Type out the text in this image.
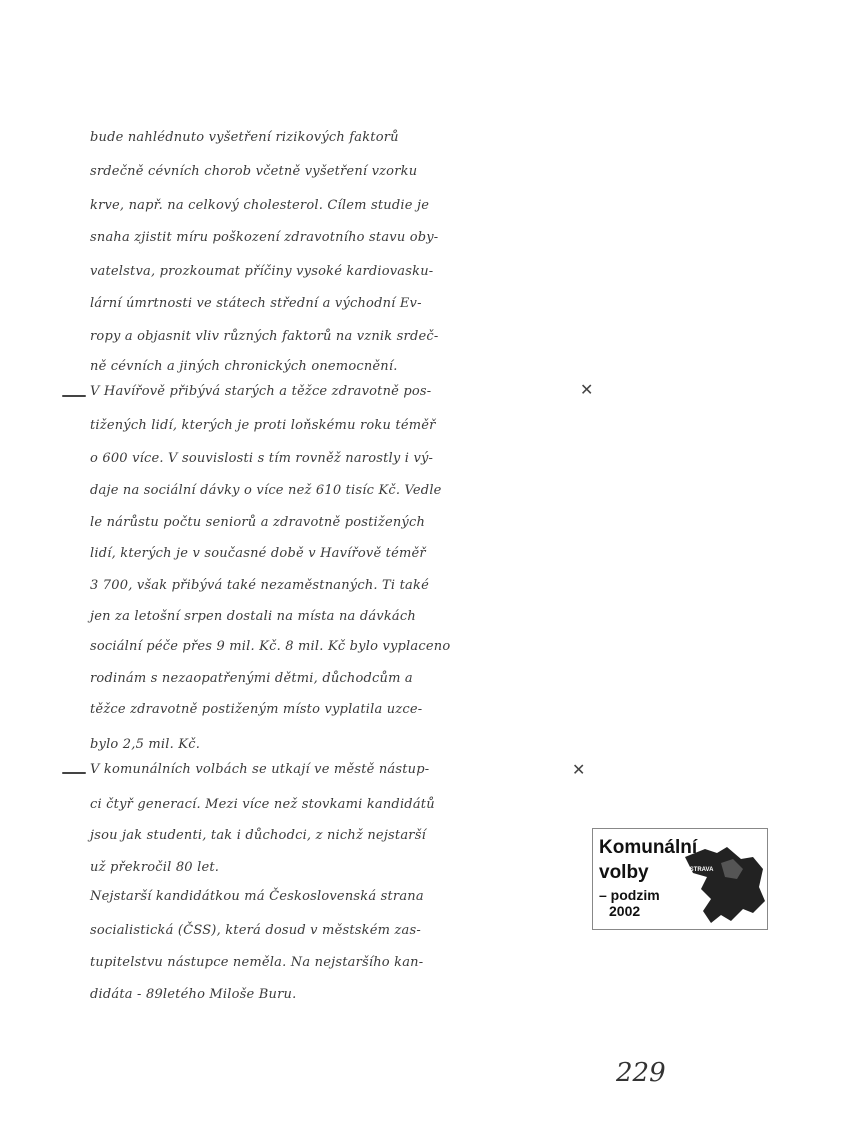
bude nahlédnuto vyšetření rizikových faktorů
srdečně cévních chorob včetně vyšetření vzorku
krve, např. na celkový cholesterol. Cílem studie je
snaha zjistit míru poškození zdravotního stavu oby-
vatelstva, prozkoumat příčiny vysoké kardiovasku-
lární úmrtnosti ve státech střední a východní Ev-
ropy a objasnit vliv různých faktorů na vznik srdeč-
ně cévních a jiných chronických onemocnění.
V Havířově přibývá starých a těžce zdravotně pos-	✕
tižených lidí, kterých je proti loňskému roku téměř
o 600 více. V souvislosti s tím rovněž narostly i vý-
daje na sociální dávky o více než 610 tisíc Kč. Vedle
le nárůstu počtu seniorů a zdravotně postižených
lidí, kterých je v současné době v Havířově téměř
3 700, však přibývá také nezaměstnaných. Ti také
jen za letošní srpen dostali na místa na dávkách
sociální péče přes 9 mil. Kč. 8 mil. Kč bylo vyplaceno
rodinám s nezaopatřenými dětmi, důchodcům a
těžce zdravotně postiženým místo vyplatila uzce-
bylo 2,5 mil. Kč.
V komunálních volbách se utkají ve městě nástup-	✕
ci čtyř generací. Mezi více než stovkami kandidátů
jsou jak studenti, tak i důchodci, z nichž nejstarší
už překročil 80 let.
Nejstarší kandidátkou má Československá strana
socialistická (ČSS), která dosud v městském zas-
tupitelstvu nástupce neměla. Na nejstaršího kan-
didáta - 89letého Miloše Buru.
Komunální
volby	OSTRAVA
– podzim
2002
229
